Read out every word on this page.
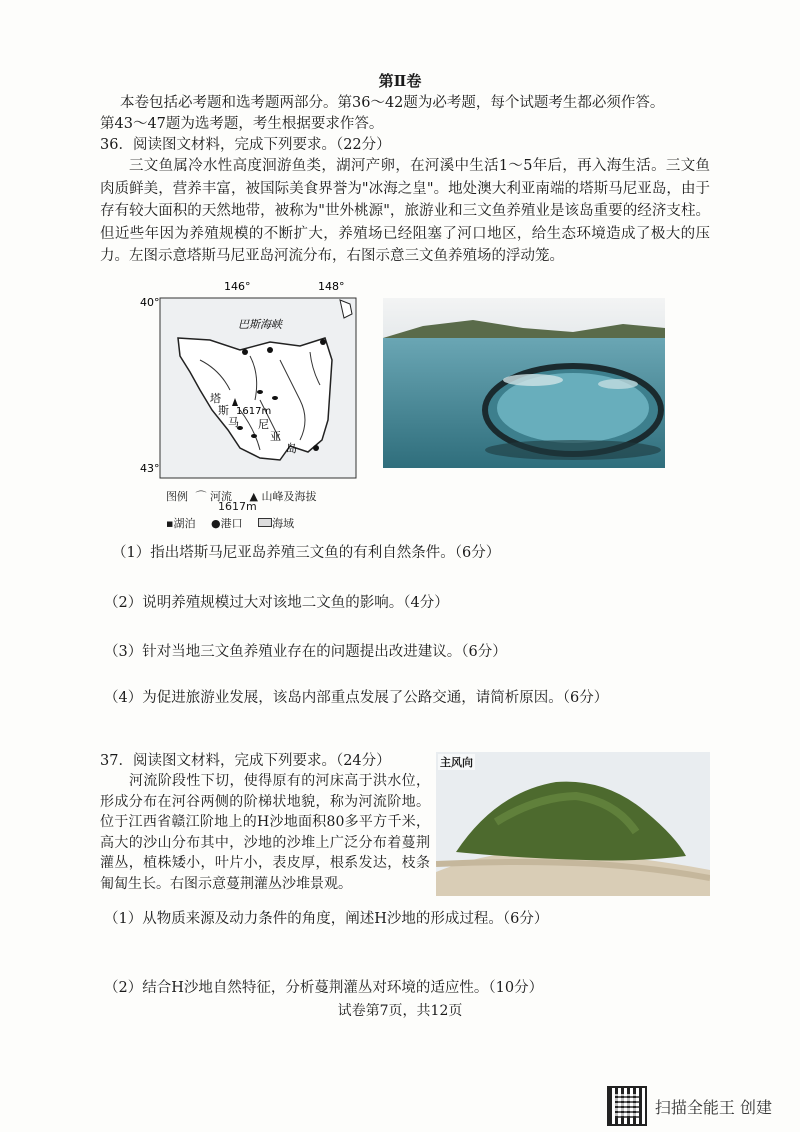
第Ⅱ卷
本卷包括必考题和选考题两部分。第36～42题为必考题，每个试题考生都必须作答。
第43～47题为选考题，考生根据要求作答。
36．阅读图文材料，完成下列要求。（22分）
三文鱼属冷水性高度洄游鱼类，湖河产卵，在河溪中生活1～5年后，再入海生活。三文鱼肉质鲜美，营养丰富，被国际美食界誉为"冰海之皇"。地处澳大利亚南端的塔斯马尼亚岛，由于存有较大面积的天然地带，被称为"世外桃源"，旅游业和三文鱼养殖业是该岛重要的经济支柱。但近些年因为养殖规模的不断扩大，养殖场已经阻塞了河口地区，给生态环境造成了极大的压力。左图示意塔斯马尼亚岛河流分布，右图示意三文鱼养殖场的浮动笼。
146°	148°
40°
43°
巴斯海峡
塔
斯
马 尼
亚
岛
1617m
图例 ⌒ 河流 ▲ 山峰及海拔
1617m
▪湖泊 ●港口	海域
（1）指出塔斯马尼亚岛养殖三文鱼的有利自然条件。（6分）
（2）说明养殖规模过大对该地二文鱼的影响。（4分）
（3）针对当地三文鱼养殖业存在的问题提出改进建议。（6分）
（4）为促进旅游业发展，该岛内部重点发展了公路交通，请简析原因。（6分）
37．阅读图文材料，完成下列要求。（24分）
河流阶段性下切，使得原有的河床高于洪水位，形成分布在河谷两侧的阶梯状地貌，称为河流阶地。位于江西省赣江阶地上的H沙地面积80多平方千米，高大的沙山分布其中，沙地的沙堆上广泛分布着蔓荆灌丛，植株矮小，叶片小，表皮厚，根系发达，枝条匍匐生长。右图示意蔓荆灌丛沙堆景观。
主风向
（1）从物质来源及动力条件的角度，阐述H沙地的形成过程。（6分）
（2）结合H沙地自然特征，分析蔓荆灌丛对环境的适应性。（10分）
试卷第7页，共12页
扫描全能王 创建
